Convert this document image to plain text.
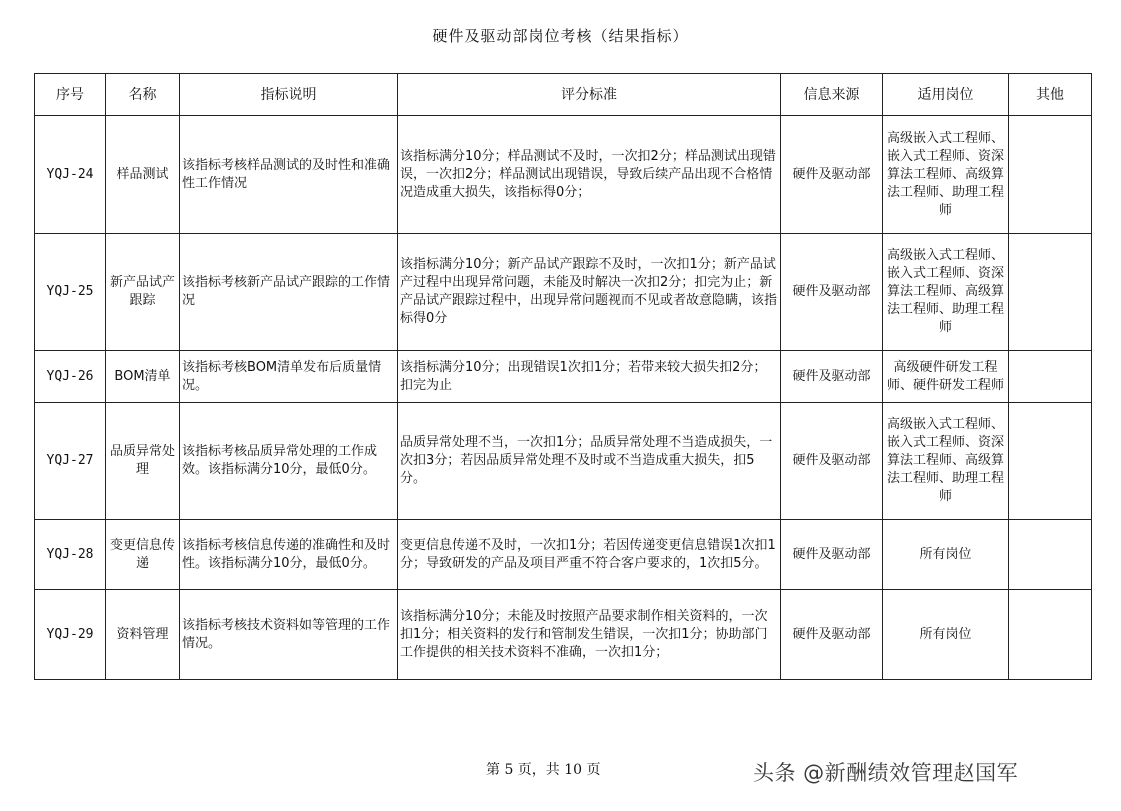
硬件及驱动部岗位考核（结果指标）
序号	名称	指标说明	评分标准	信息来源	适用岗位	其他
YQJ-24	样品测试	该指标考核样品测试的及时性和准确性工作情况	该指标满分10分；样品测试不及时，一次扣2分；样品测试出现错误，一次扣2分；样品测试出现错误，导致后续产品出现不合格情况造成重大损失，该指标得0分；	硬件及驱动部	高级嵌入式工程师、嵌入式工程师、资深算法工程师、高级算法工程师、助理工程师	
YQJ-25	新产品试产跟踪	该指标考核新产品试产跟踪的工作情况	该指标满分10分；新产品试产跟踪不及时，一次扣1分；新产品试产过程中出现异常问题，未能及时解决一次扣2分；扣完为止；新产品试产跟踪过程中，出现异常问题视而不见或者故意隐瞒，该指标得0分	硬件及驱动部	高级嵌入式工程师、嵌入式工程师、资深算法工程师、高级算法工程师、助理工程师	
YQJ-26	BOM清单	该指标考核BOM清单发布后质量情况。	该指标满分10分；出现错误1次扣1分；若带来较大损失扣2分；扣完为止	硬件及驱动部	高级硬件研发工程师、硬件研发工程师	
YQJ-27	品质异常处理	该指标考核品质异常处理的工作成效。该指标满分10分，最低0分。	品质异常处理不当，一次扣1分；品质异常处理不当造成损失，一次扣3分；若因品质异常处理不及时或不当造成重大损失，扣5分。	硬件及驱动部	高级嵌入式工程师、嵌入式工程师、资深算法工程师、高级算法工程师、助理工程师	
YQJ-28	变更信息传递	该指标考核信息传递的准确性和及时性。该指标满分10分，最低0分。	变更信息传递不及时，一次扣1分；若因传递变更信息错误1次扣1分；导致研发的产品及项目严重不符合客户要求的，1次扣5分。	硬件及驱动部	所有岗位	
YQJ-29	资料管理	该指标考核技术资料如等管理的工作情况。	该指标满分10分；未能及时按照产品要求制作相关资料的，一次扣1分；相关资料的发行和管制发生错误，一次扣1分；协助部门工作提供的相关技术资料不准确，一次扣1分；	硬件及驱动部	所有岗位	
第 5 页，共 10 页	头条 @新酬绩效管理赵国军
